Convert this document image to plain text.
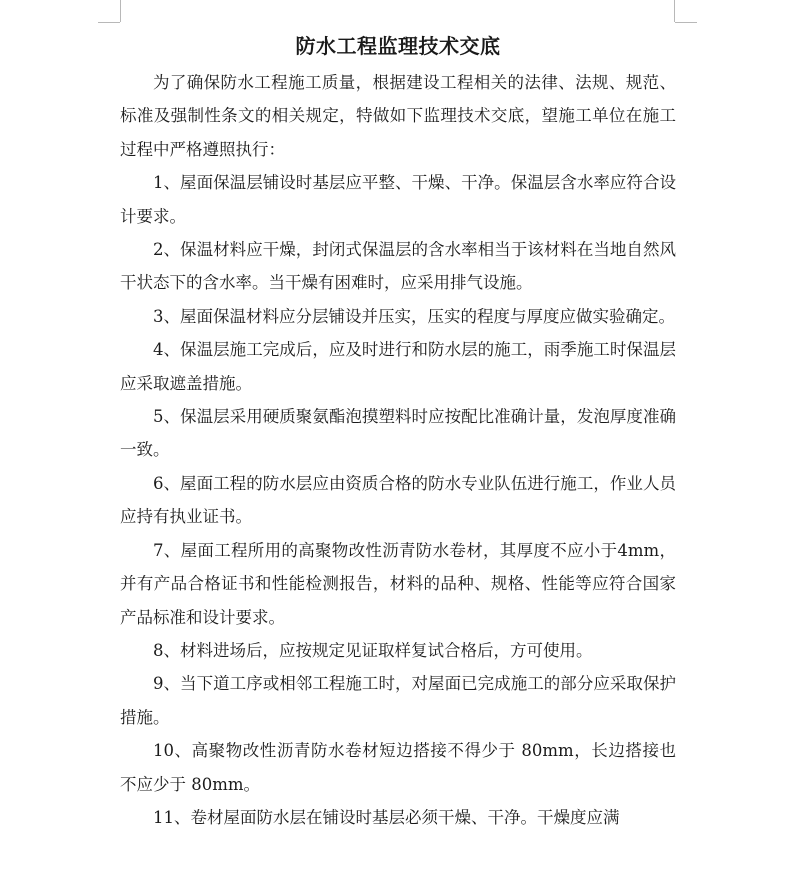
防水工程监理技术交底

为了确保防水工程施工质量，根据建设工程相关的法律、法规、规范、标准及强制性条文的相关规定，特做如下监理技术交底，望施工单位在施工过程中严格遵照执行：

1、屋面保温层铺设时基层应平整、干燥、干净。保温层含水率应符合设计要求。

2、保温材料应干燥，封闭式保温层的含水率相当于该材料在当地自然风干状态下的含水率。当干燥有困难时，应采用排气设施。

3、屋面保温材料应分层铺设并压实，压实的程度与厚度应做实验确定。

4、保温层施工完成后，应及时进行和防水层的施工，雨季施工时保温层应采取遮盖措施。

5、保温层采用硬质聚氨酯泡摸塑料时应按配比准确计量，发泡厚度准确一致。

6、屋面工程的防水层应由资质合格的防水专业队伍进行施工，作业人员应持有执业证书。

7、屋面工程所用的高聚物改性沥青防水卷材，其厚度不应小于4mm，并有产品合格证书和性能检测报告，材料的品种、规格、性能等应符合国家产品标准和设计要求。

8、材料进场后，应按规定见证取样复试合格后，方可使用。

9、当下道工序或相邻工程施工时，对屋面已完成施工的部分应采取保护措施。

10、高聚物改性沥青防水卷材短边搭接不得少于 80mm，长边搭接也不应少于 80mm。

11、卷材屋面防水层在铺设时基层必须干燥、干净。干燥度应满
